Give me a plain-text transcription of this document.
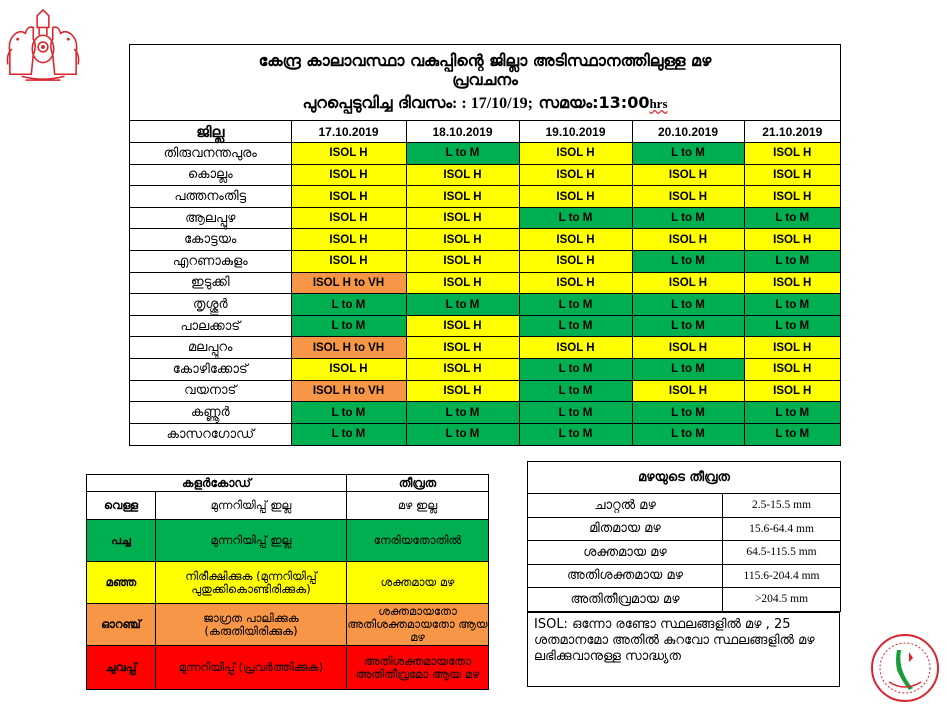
കേന്ദ്ര കാലാവസ്ഥാ വകുപ്പിന്റെ ജില്ലാ അടിസ്ഥാനത്തിലുള്ള മഴ
പ്രവചനം
പുറപ്പെടുവിച്ച ദിവസം: : 17/10/19; സമയം:13:00hrs
ജില്ല	17.10.2019	18.10.2019	19.10.2019	20.10.2019	21.10.2019
തിരുവനന്തപുരം	ISOL H	L to M	ISOL H	L to M	ISOL H
കൊല്ലം	ISOL H	ISOL H	ISOL H	ISOL H	ISOL H
പത്തനംതിട്ട	ISOL H	ISOL H	ISOL H	ISOL H	ISOL H
ആലപ്പുഴ	ISOL H	ISOL H	L to M	L to M	L to M
കോട്ടയം	ISOL H	ISOL H	ISOL H	ISOL H	ISOL H
എറണാകുളം	ISOL H	ISOL H	ISOL H	L to M	L to M
ഇടുക്കി	ISOL H to VH	ISOL H	ISOL H	ISOL H	ISOL H
തൃശ്ശൂർ	L to M	L to M	L to M	L to M	L to M
പാലക്കാട്	L to M	ISOL H	L to M	L to M	L to M
മലപ്പുറം	ISOL H to VH	ISOL H	ISOL H	ISOL H	ISOL H
കോഴിക്കോട്	ISOL H	ISOL H	L to M	L to M	ISOL H
വയനാട്	ISOL H to VH	ISOL H	L to M	ISOL H	ISOL H
കണ്ണൂർ	L to M	L to M	L to M	L to M	L to M
കാസറഗോഡ്	L to M	L to M	L to M	L to M	L to M
കളർകോഡ്		തീവ്രത
വെള്ള	മുന്നറിയിപ്പ് ഇല്ല	മഴ ഇല്ല
പച്ച	മുന്നറിയിപ്പ് ഇല്ല	നേരിയതോതിൽ
മഞ്ഞ	നിരീക്ഷിക്കുക (മുന്നറിയിപ്പ് പുതുക്കികൊണ്ടിരിക്കുക)	ശക്തമായ മഴ
ഓറഞ്ച്	ജാഗ്രത പാലിക്കുക (കരുതിയിരിക്കുക)	ശക്തമായതോ അതിശക്തമായതോ ആയ മഴ
ചുവപ്പ്	മുന്നറിയിപ്പ് (പ്രവർത്തിക്കുക)	അതിശക്തമായതോ അതിതീവ്രമോ ആയ മഴ
മഴയുടെ തീവ്രത	
ചാറ്റൽ മഴ	2.5-15.5 mm
മിതമായ മഴ	15.6-64.4 mm
ശക്തമായ മഴ	64.5-115.5 mm
അതിശക്തമായ മഴ	115.6-204.4 mm
അതിതീവ്രമായ മഴ	>204.5 mm
ISOL: ഒന്നോ രണ്ടോ സ്ഥലങ്ങളിൽ മഴ , 25 ശതമാനമോ അതിൽ കുറവോ സ്ഥലങ്ങളിൽ മഴ ലഭിക്കുവാനുള്ള സാദ്ധ്യത
